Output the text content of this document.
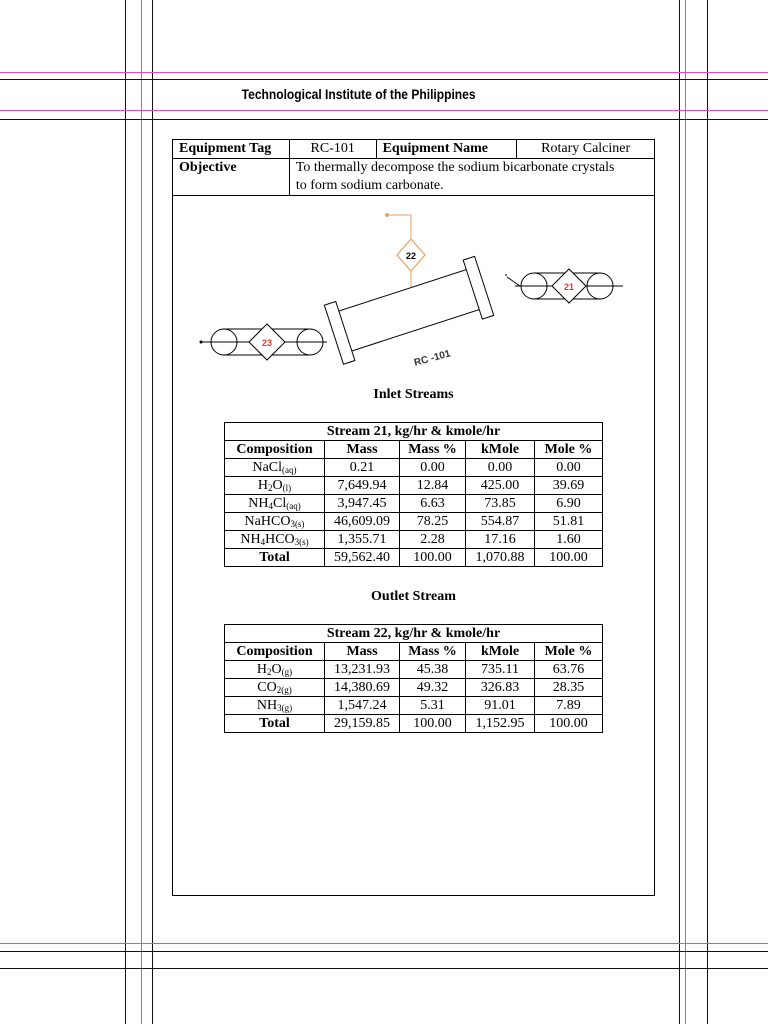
Technological Institute of the Philippines
Equipment Tag	RC-101	Equipment Name	Rotary Calciner
Objective	To thermally decompose the sodium bicarbonate crystals
to form sodium carbonate.		
22
RC -101
21
23
Inlet Streams
Stream 21, kg/hr & kmole/hr				
Composition	Mass	Mass %	kMole	Mole %
NaCl$_{(aq)}$	0.21	0.00	0.00	0.00
$H_2O_{(l)}$	7,649.94	12.84	425.00	39.69
$NH_4Cl_{(aq)}$	3,947.45	6.63	73.85	6.90
NaHCO$_{3(s)}$	46,609.09	78.25	554.87	51.81
$NH_4HCO_{3(s)}$	1,355.71	2.28	17.16	1.60
Total	59,562.40	100.00	1,070.88	100.00
Outlet Stream
Stream 22, kg/hr & kmole/hr				
Composition	Mass	Mass %	kMole	Mole %
$H_2O_{(g)}$	13,231.93	45.38	735.11	63.76
$CO_{2(g)}$	14,380.69	49.32	326.83	28.35
$NH_{3(g)}$	1,547.24	5.31	91.01	7.89
Total	29,159.85	100.00	1,152.95	100.00
